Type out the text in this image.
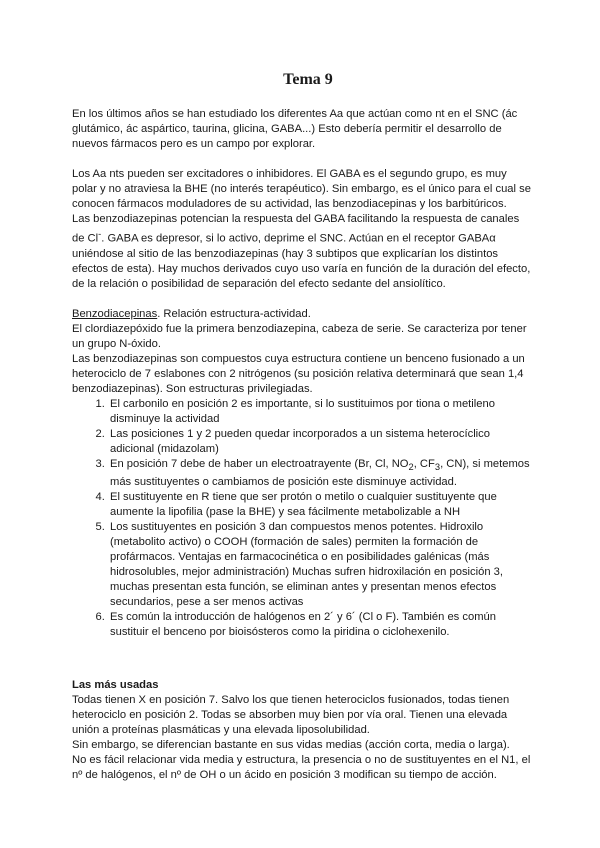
Tema 9

En los últimos años se han estudiado los diferentes Aa que actúan como nt en el SNC (ác glutámico, ác aspártico, taurina, glicina, GABA...) Esto debería permitir el desarrollo de nuevos fármacos pero es un campo por explorar.

Los Aa nts pueden ser excitadores o inhibidores. El GABA es el segundo grupo, es muy polar y no atraviesa la BHE (no interés terapéutico). Sin embargo, es el único para el cual se conocen fármacos moduladores de su actividad, las benzodiacepinas y los barbitúricos.

Las benzodiazepinas potencian la respuesta del GABA facilitando la respuesta de canales de Cl-. GABA es depresor, si lo activo, deprime el SNC. Actúan en el receptor GABAα uniéndose al sitio de las benzodiazepinas (hay 3 subtipos que explicarían los distintos efectos de esta). Hay muchos derivados cuyo uso varía en función de la duración del efecto, de la relación o posibilidad de separación del efecto sedante del ansiolítico.

Benzodiacepinas. Relación estructura-actividad.

El clordiazepóxido fue la primera benzodiazepina, cabeza de serie. Se caracteriza por tener un grupo N-óxido.

Las benzodiazepinas son compuestos cuya estructura contiene un benceno fusionado a un heterociclo de 7 eslabones con 2 nitrógenos (su posición relativa determinará que sean 1,4 benzodiazepinas). Son estructuras privilegiadas.

1. El carbonilo en posición 2 es importante, si lo sustituimos por tiona o metileno disminuye la actividad
2. Las posiciones 1 y 2 pueden quedar incorporados a un sistema heterocíclico adicional (midazolam)
3. En posición 7 debe de haber un electroatrayente (Br, Cl, $NO_2$, $CF_3$, CN), si metemos más sustituyentes o cambiamos de posición este disminuye actividad.
4. El sustituyente en R tiene que ser protón o metilo o cualquier sustituyente que aumente la lipofilia (pase la BHE) y sea fácilmente metabolizable a NH
5. Los sustituyentes en posición 3 dan compuestos menos potentes. Hidroxilo (metabolito activo) o COOH (formación de sales) permiten la formación de profármacos. Ventajas en farmacocinética o en posibilidades galénicas (más hidrosolubles, mejor administración) Muchas sufren hidroxilación en posición 3, muchas presentan esta función, se eliminan antes y presentan menos efectos secundarios, pese a ser menos activas
6. Es común la introducción de halógenos en 2´ y 6´ (Cl o F). También es común sustituir el benceno por bioisósteros como la piridina o ciclohexenilo.

Las más usadas

Todas tienen X en posición 7. Salvo los que tienen heterociclos fusionados, todas tienen heterociclo en posición 2. Todas se absorben muy bien por vía oral. Tienen una elevada unión a proteínas plasmáticas y una elevada liposolubilidad.

Sin embargo, se diferencian bastante en sus vidas medias (acción corta, media o larga).

No es fácil relacionar vida media y estructura, la presencia o no de sustituyentes en el N1, el nº de halógenos, el nº de OH o un ácido en posición 3 modifican su tiempo de acción.
